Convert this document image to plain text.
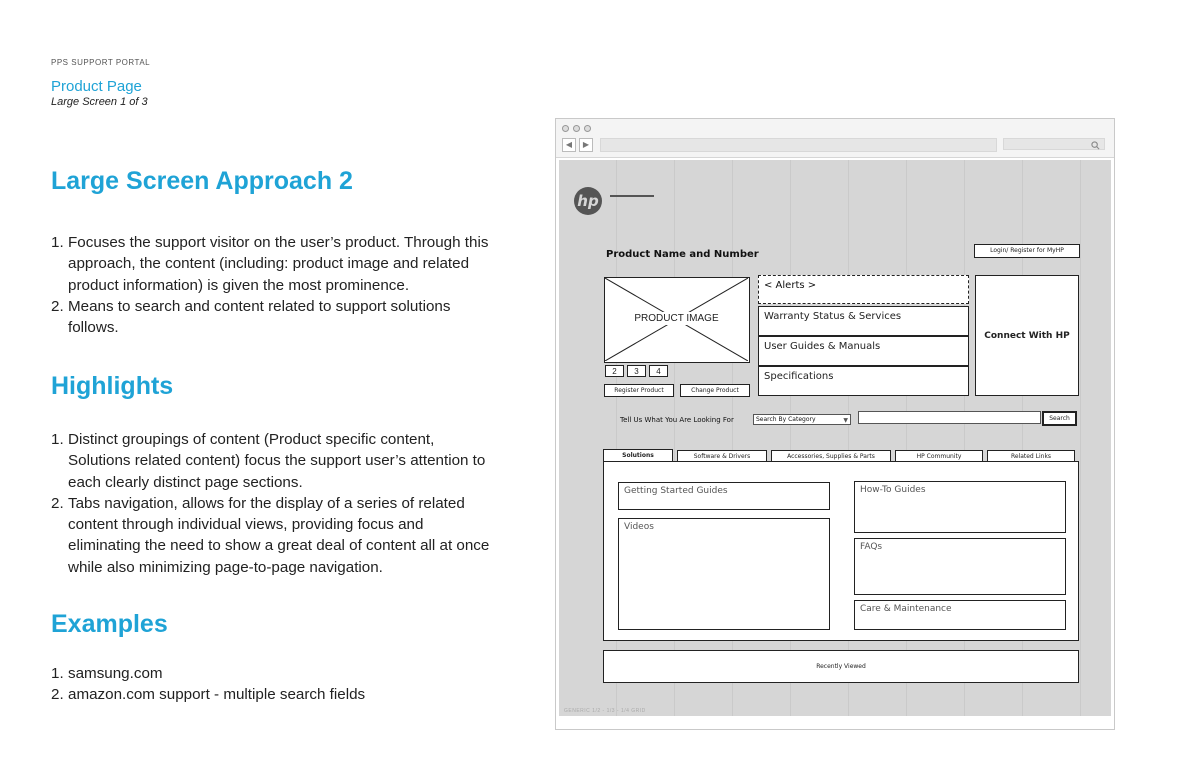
PPS SUPPORT PORTAL
Product Page
Large Screen 1 of 3
Large Screen Approach 2
1. Focuses the support visitor on the user’s product. Through this approach, the content (including: product image and related product information) is given the most prominence.
2. Means to search and content related to support solutions follows.
Highlights
1. Distinct groupings of content (Product specific content, Solutions related content) focus the support user’s attention to each clearly distinct page sections.
2. Tabs navigation, allows for the display of a series of related content through individual views, providing focus and eliminating the need to show a great deal of content all at once while also minimizing page-to-page navigation.
Examples
1. samsung.com
2. amazon.com support - multiple search fields
◀	▶
GENERIC 1/2 - 1/3 - 1/4 GRID
hp
Product Name and Number	Login/ Register for MyHP
PRODUCT IMAGE
2	3	4
Register Product	Change Product
< Alerts >
Warranty Status & Services
User Guides & Manuals
Specifications
Connect With HP
Tell Us What You Are Looking For	Search By Category	▼	Search
Solutions	Software & Drivers	Accessories, Supplies & Parts	HP Community	Related Links
Getting Started Guides
Videos
How-To Guides
FAQs
Care & Maintenance
Recently Viewed
